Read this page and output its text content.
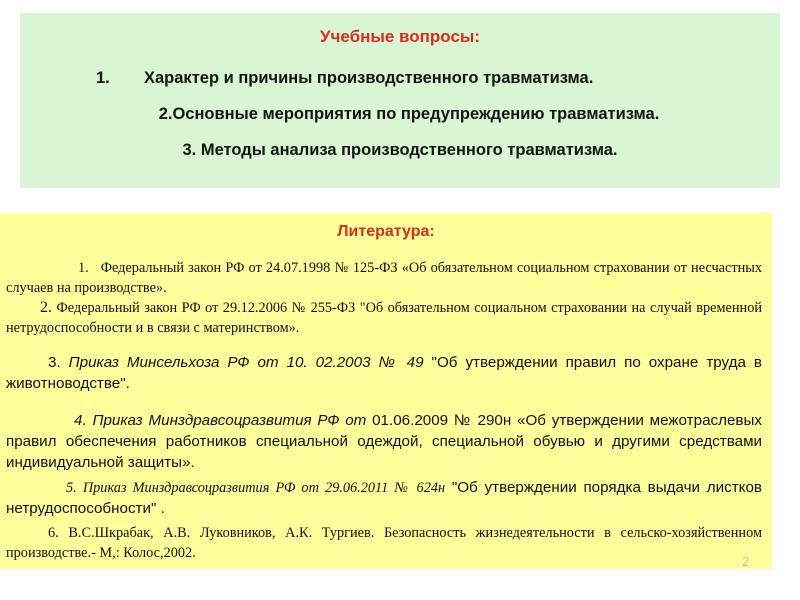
Учебные вопросы:
1. Характер и причины производственного травматизма.
2.Основные мероприятия по предупреждению травматизма.
3. Методы анализа производственного травматизма.
Литература:
1. Федеральный закон РФ от 24.07.1998 № 125-ФЗ «Об обязательном социальном страховании от несчастных случаев на производстве».
2. Федеральный закон РФ от 29.12.2006 № 255-ФЗ "Об обязательном социальном страховании на случай временной нетрудоспособности и в связи с материнством».
3. Приказ Минсельхоза РФ от 10. 02.2003 № 49 "Об утверждении правил по охране труда в животноводстве".
4. Приказ Минздравсоцразвития РФ от 01.06.2009 № 290н «Об утверждении межотраслевых правил обеспечения работников специальной одеждой, специальной обувью и другими средствами индивидуальной защиты».
5. Приказ Минздравсоцразвития РФ от 29.06.2011 № 624н "Об утверждении порядка выдачи листков нетрудоспособности" .
6. В.С.Шкрабак, А.В. Луковников, А.К. Тургиев. Безопасность жизнедеятельности в сельско-хозяйственном производстве.- М,: Колос,2002.
2
